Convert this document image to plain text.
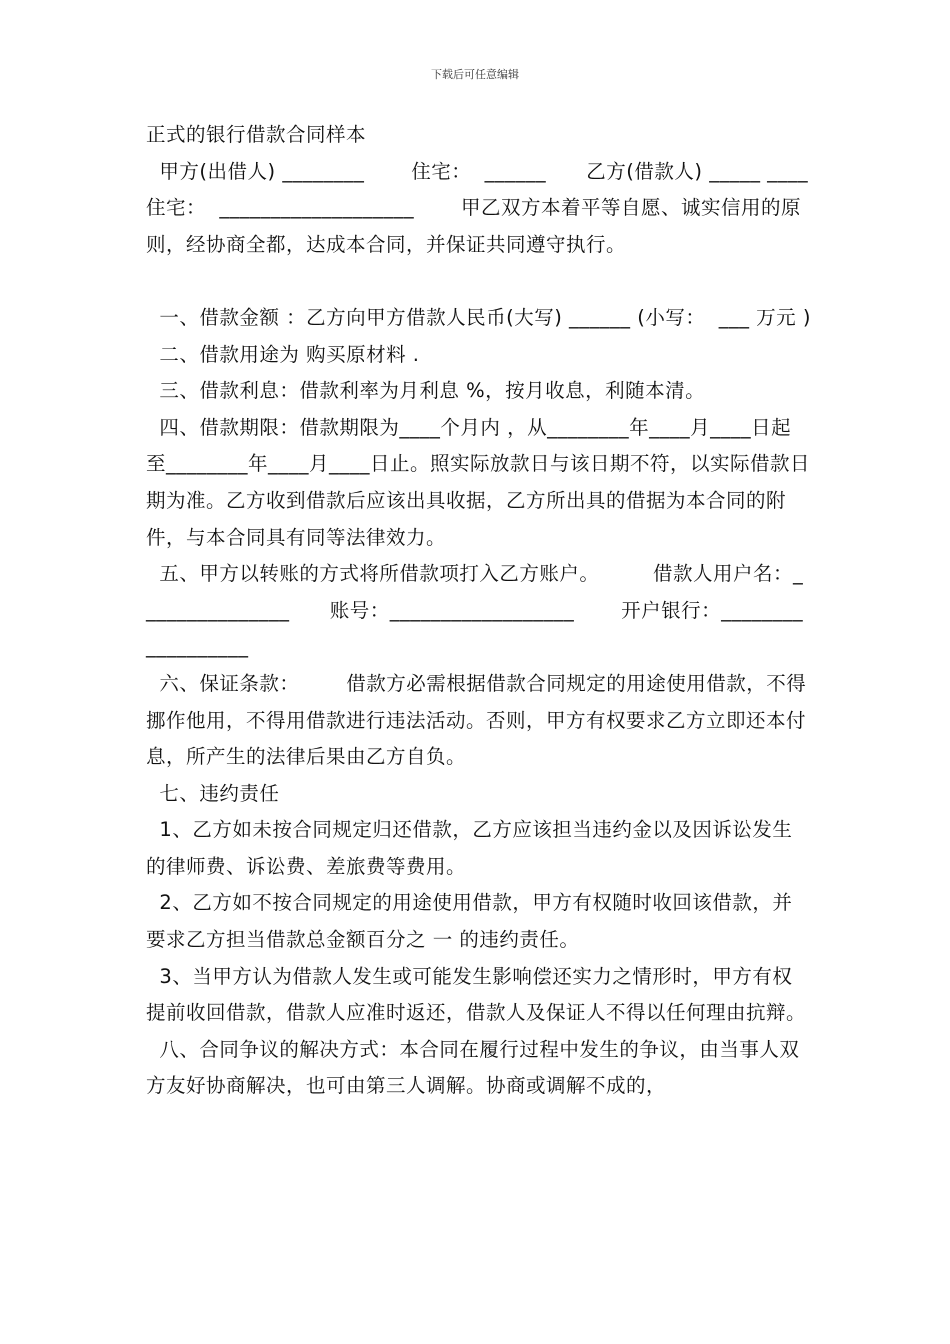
下载后可任意编辑

正式的银行借款合同样本

甲方(出借人) ________       住宅：  ______      乙方(借款人) _____ ____       住宅：  ___________________       甲乙双方本着平等自愿、诚实信用的原则，经协商全都，达成本合同，并保证共同遵守执行。

一、借款金额 ：乙方向甲方借款人民币(大写) ______ (小写：  ___ 万元 )

二、借款用途为 购买原材料 .

三、借款利息：借款利率为月利息 %，按月收息，利随本清。

四、借款期限：借款期限为____个月内 ，从________年____月____日起至________年____月____日止。照实际放款日与该日期不符，以实际借款日期为准。乙方收到借款后应该出具收据，乙方所出具的借据为本合同的附件，与本合同具有同等法律效力。

五、甲方以转账的方式将所借款项打入乙方账户。        借款人用户名：_______________      账号：__________________       开户银行：__________________

六、保证条款：       借款方必需根据借款合同规定的用途使用借款，不得挪作他用，不得用借款进行违法活动。否则，甲方有权要求乙方立即还本付息，所产生的法律后果由乙方自负。

七、违约责任

1、乙方如未按合同规定归还借款，乙方应该担当违约金以及因诉讼发生的律师费、诉讼费、差旅费等费用。

2、乙方如不按合同规定的用途使用借款，甲方有权随时收回该借款，并要求乙方担当借款总金额百分之 一 的违约责任。

3、当甲方认为借款人发生或可能发生影响偿还实力之情形时，甲方有权提前收回借款，借款人应准时返还，借款人及保证人不得以任何理由抗辩。

八、合同争议的解决方式：本合同在履行过程中发生的争议，由当事人双方友好协商解决，也可由第三人调解。协商或调解不成的，
